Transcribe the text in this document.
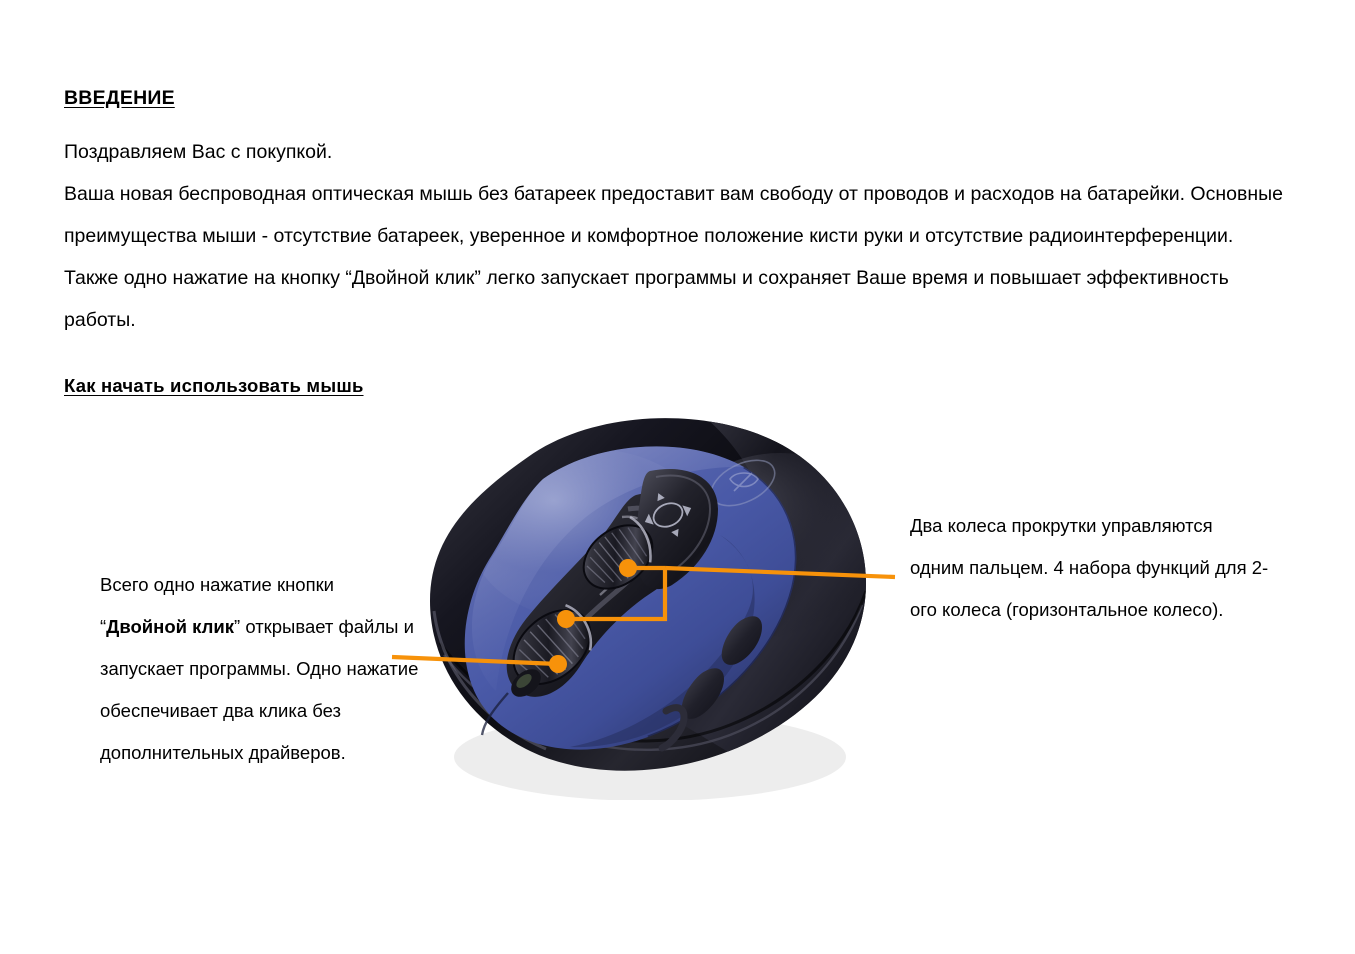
ВВЕДЕНИЕ

Поздравляем Вас с покупкой.

Ваша новая беспроводная оптическая мышь без батареек предоставит вам свободу от проводов и расходов на батарейки. Основные преимущества мыши - отсутствие батареек, уверенное и комфортное положение кисти руки и отсутствие радиоинтерференции. Также одно нажатие на кнопку “Двойной клик” легко запускает программы и сохраняет Ваше время и повышает эффективность работы.

Как начать использовать мышь

Всего одно нажатие кнопки “Двойной клик” открывает файлы и запускает программы. Одно нажатие обеспечивает два клика без дополнительных драйверов.

Два колеса прокрутки управляются одним пальцем. 4 набора функций для 2-ого колеса (горизонтальное колесо).
